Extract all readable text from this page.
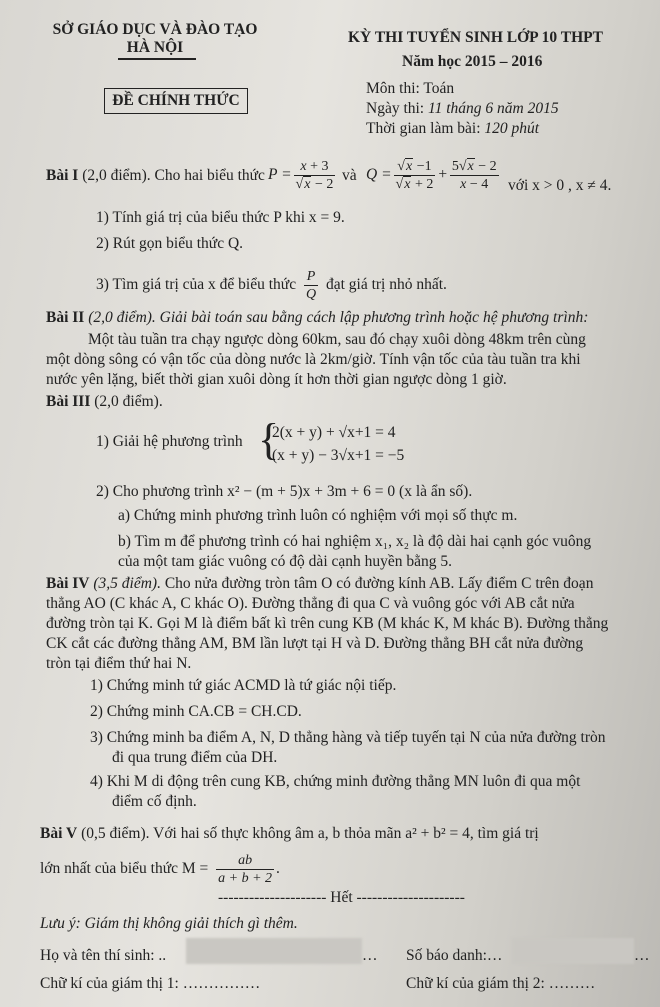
SỞ GIÁO DỤC VÀ ĐÀO TẠO
HÀ NỘI
ĐỀ CHÍNH THỨC
KỲ THI TUYỂN SINH LỚP 10 THPT
Năm học 2015 – 2016
Môn thi: Toán
Ngày thi: 11 tháng 6 năm 2015
Thời gian làm bài: 120 phút
Bài I (2,0 điểm). Cho hai biểu thức $P = \frac{x + 3}{√x - 2}$ và $Q = \frac{√x -1}{√x + 2} + \frac{5√x - 2}{x - 4}$ với x > 0 , x ≠ 4.
1) Tính giá trị của biểu thức P khi x = 9.
2) Rút gọn biểu thức Q.
3) Tìm giá trị của x để biểu thức $\frac{P}{Q}$ đạt giá trị nhỏ nhất.
Bài II (2,0 điểm). Giải bài toán sau bằng cách lập phương trình hoặc hệ phương trình:
Một tàu tuần tra chạy ngược dòng 60km, sau đó chạy xuôi dòng 48km trên cùng
một dòng sông có vận tốc của dòng nước là 2km/giờ. Tính vận tốc của tàu tuần tra khi
nước yên lặng, biết thời gian xuôi dòng ít hơn thời gian ngược dòng 1 giờ.
Bài III (2,0 điểm).
1) Giải hệ phương trình {
2(x + y) + √x+1 = 4
(x + y) − 3√x+1 = −5
2) Cho phương trình x² − (m + 5)x + 3m + 6 = 0 (x là ẩn số).
a) Chứng minh phương trình luôn có nghiệm với mọi số thực m.
b) Tìm m để phương trình có hai nghiệm x₁, x₂ là độ dài hai cạnh góc vuông
của một tam giác vuông có độ dài cạnh huyền bằng 5.
Bài IV (3,5 điểm). Cho nửa đường tròn tâm O có đường kính AB. Lấy điểm C trên đoạn
thẳng AO (C khác A, C khác O). Đường thẳng đi qua C và vuông góc với AB cắt nửa
đường tròn tại K. Gọi M là điểm bất kì trên cung KB (M khác K, M khác B). Đường thẳng
CK cắt các đường thẳng AM, BM lần lượt tại H và D. Đường thẳng BH cắt nửa đường
tròn tại điểm thứ hai N.
1) Chứng minh tứ giác ACMD là tứ giác nội tiếp.
2) Chứng minh CA.CB = CH.CD.
3) Chứng minh ba điểm A, N, D thẳng hàng và tiếp tuyến tại N của nửa đường tròn
đi qua trung điểm của DH.
4) Khi M di động trên cung KB, chứng minh đường thẳng MN luôn đi qua một
điểm cố định.
Bài V (0,5 điểm). Với hai số thực không âm a, b thỏa mãn a² + b² = 4, tìm giá trị
lớn nhất của biểu thức $M = \frac{ab}{a + b + 2}$ .
--------------------- Hết ---------------------
Lưu ý: Giám thị không giải thích gì thêm.
Họ và tên thí sinh: ..	… Số báo danh:…	…
Chữ kí của giám thị 1: ……………	Chữ kí của giám thị 2: ………
